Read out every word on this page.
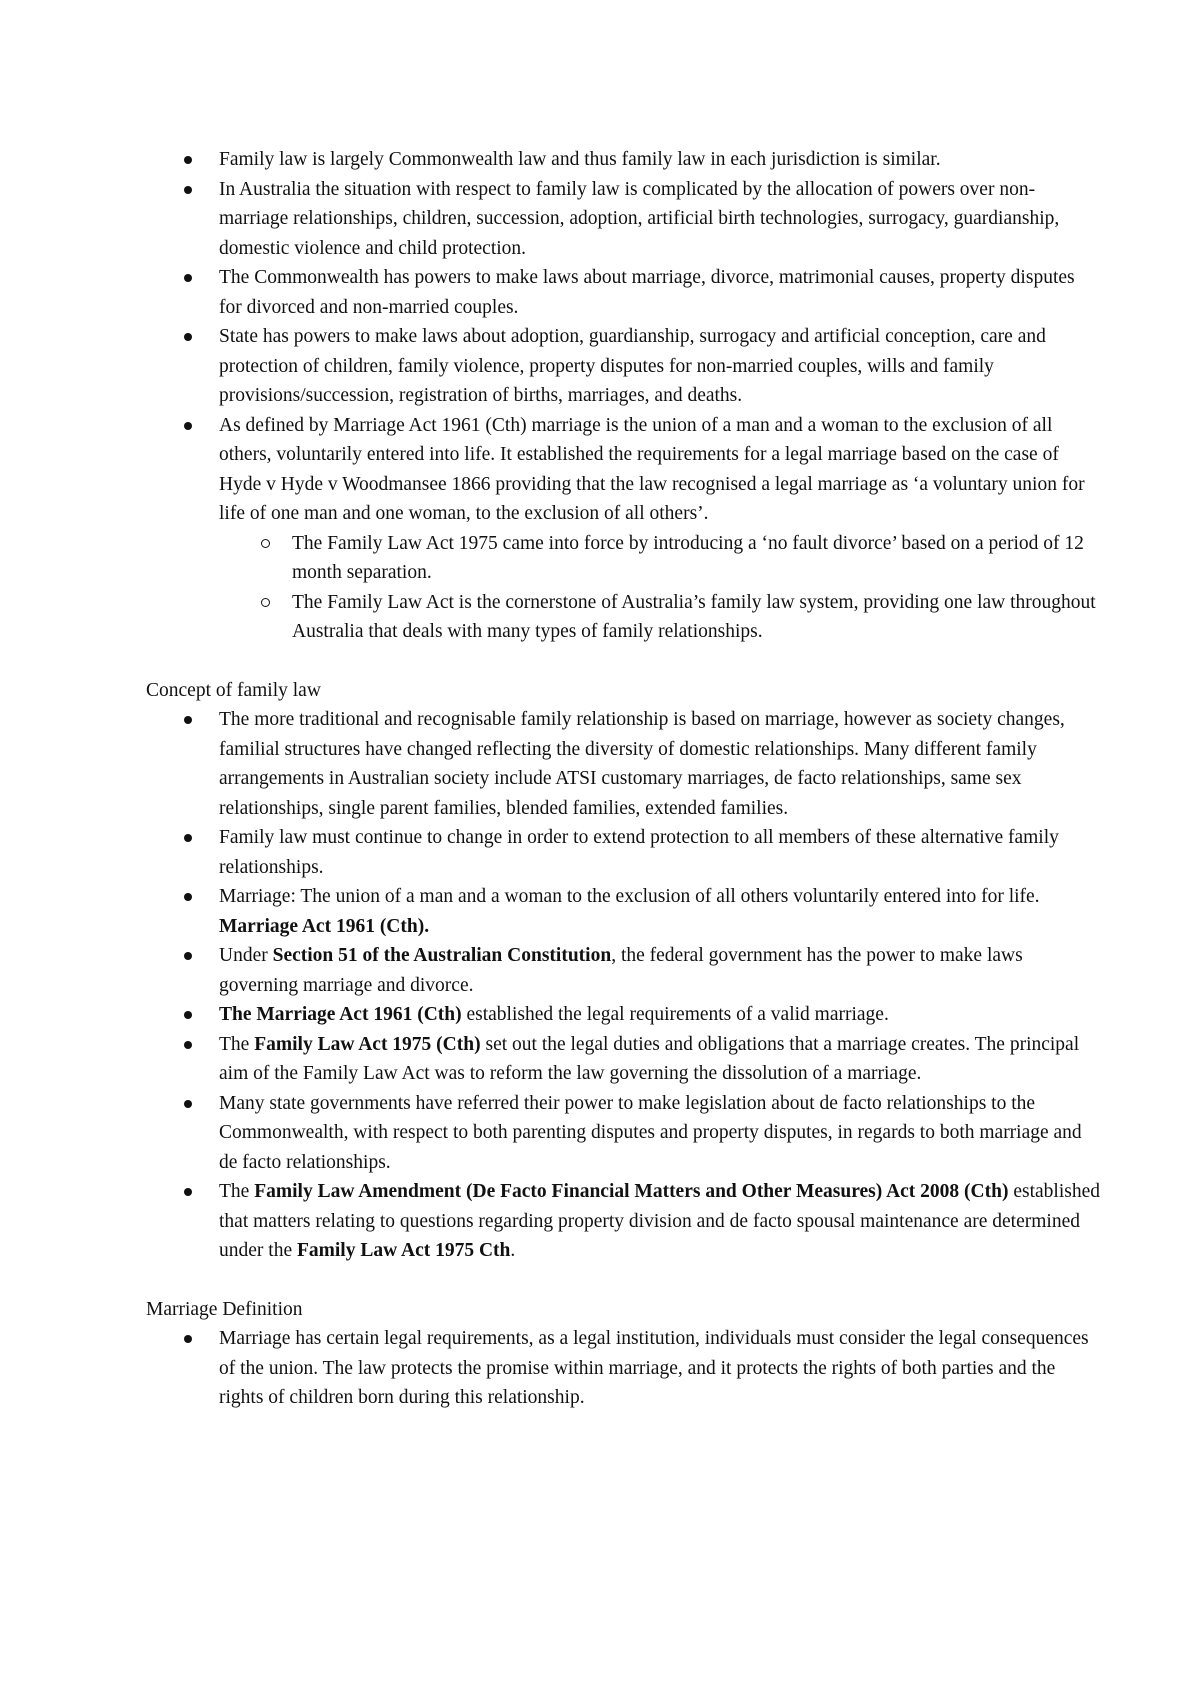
Family law is largely Commonwealth law and thus family law in each jurisdiction is similar.
In Australia the situation with respect to family law is complicated by the allocation of powers over non-marriage relationships, children, succession, adoption, artificial birth technologies, surrogacy, guardianship, domestic violence and child protection.
The Commonwealth has powers to make laws about marriage, divorce, matrimonial causes, property disputes for divorced and non-married couples.
State has powers to make laws about adoption, guardianship, surrogacy and artificial conception, care and protection of children, family violence, property disputes for non-married couples, wills and family provisions/succession, registration of births, marriages, and deaths.
As defined by Marriage Act 1961 (Cth) marriage is the union of a man and a woman to the exclusion of all others, voluntarily entered into life. It established the requirements for a legal marriage based on the case of Hyde v Hyde v Woodmansee 1866 providing that the law recognised a legal marriage as ‘a voluntary union for life of one man and one woman, to the exclusion of all others’.
The Family Law Act 1975 came into force by introducing a ‘no fault divorce’ based on a period of 12 month separation.
The Family Law Act is the cornerstone of Australia’s family law system, providing one law throughout Australia that deals with many types of family relationships.
Concept of family law
The more traditional and recognisable family relationship is based on marriage, however as society changes, familial structures have changed reflecting the diversity of domestic relationships. Many different family arrangements in Australian society include ATSI customary marriages, de facto relationships, same sex relationships, single parent families, blended families, extended families.
Family law must continue to change in order to extend protection to all members of these alternative family relationships.
Marriage: The union of a man and a woman to the exclusion of all others voluntarily entered into for life. Marriage Act 1961 (Cth).
Under Section 51 of the Australian Constitution, the federal government has the power to make laws governing marriage and divorce.
The Marriage Act 1961 (Cth) established the legal requirements of a valid marriage.
The Family Law Act 1975 (Cth) set out the legal duties and obligations that a marriage creates. The principal aim of the Family Law Act was to reform the law governing the dissolution of a marriage.
Many state governments have referred their power to make legislation about de facto relationships to the Commonwealth, with respect to both parenting disputes and property disputes, in regards to both marriage and de facto relationships.
The Family Law Amendment (De Facto Financial Matters and Other Measures) Act 2008 (Cth) established that matters relating to questions regarding property division and de facto spousal maintenance are determined under the Family Law Act 1975 Cth.
Marriage Definition
Marriage has certain legal requirements, as a legal institution, individuals must consider the legal consequences of the union. The law protects the promise within marriage, and it protects the rights of both parties and the rights of children born during this relationship.
